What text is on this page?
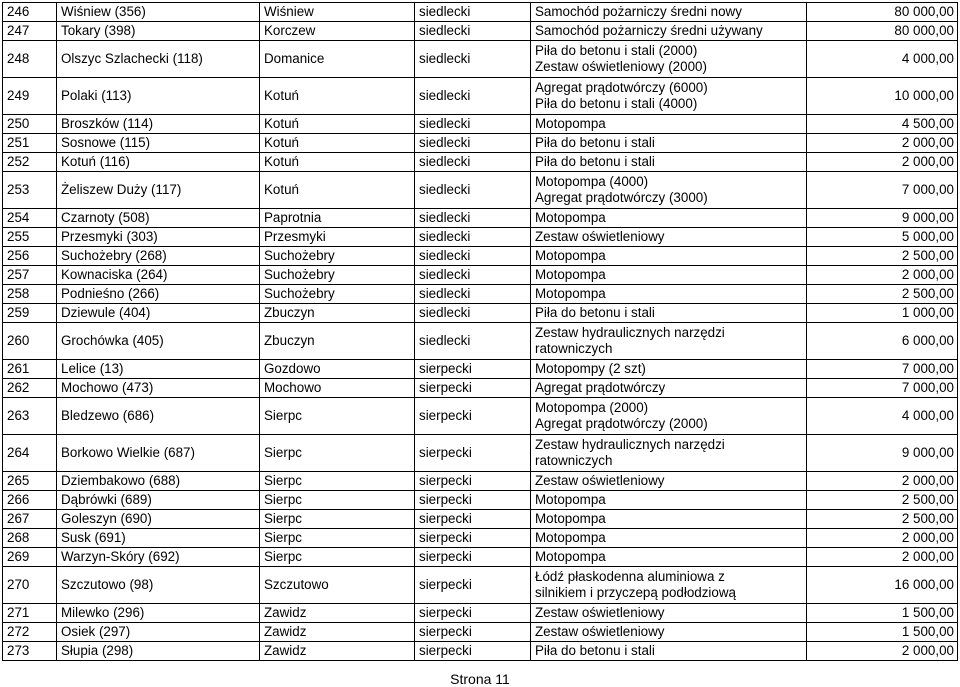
246	Wiśniew (356)	Wiśniew	siedlecki	Samochód pożarniczy średni nowy	80 000,00
247	Tokary (398)	Korczew	siedlecki	Samochód pożarniczy średni używany	80 000,00
248	Olszyc Szlachecki (118)	Domanice	siedlecki	Piła do betonu i stali (2000)
Zestaw oświetleniowy (2000)	4 000,00
249	Polaki (113)	Kotuń	siedlecki	Agregat prądotwórczy (6000)
Piła do betonu i stali (4000)	10 000,00
250	Broszków (114)	Kotuń	siedlecki	Motopompa	4 500,00
251	Sosnowe (115)	Kotuń	siedlecki	Piła do betonu i stali	2 000,00
252	Kotuń (116)	Kotuń	siedlecki	Piła do betonu i stali	2 000,00
253	Żeliszew Duży (117)	Kotuń	siedlecki	Motopompa (4000)
Agregat prądotwórczy (3000)	7 000,00
254	Czarnoty (508)	Paprotnia	siedlecki	Motopompa	9 000,00
255	Przesmyki (303)	Przesmyki	siedlecki	Zestaw oświetleniowy	5 000,00
256	Suchożebry (268)	Suchożebry	siedlecki	Motopompa	2 500,00
257	Kownaciska (264)	Suchożebry	siedlecki	Motopompa	2 000,00
258	Podnieśno (266)	Suchożebry	siedlecki	Motopompa	2 500,00
259	Dziewule (404)	Zbuczyn	siedlecki	Piła do betonu i stali	1 000,00
260	Grochówka (405)	Zbuczyn	siedlecki	Zestaw hydraulicznych narzędzi
ratowniczych	6 000,00
261	Lelice (13)	Gozdowo	sierpecki	Motopompy (2 szt)	7 000,00
262	Mochowo (473)	Mochowo	sierpecki	Agregat prądotwórczy	7 000,00
263	Bledzewo (686)	Sierpc	sierpecki	Motopompa (2000)
Agregat prądotwórczy (2000)	4 000,00
264	Borkowo Wielkie (687)	Sierpc	sierpecki	Zestaw hydraulicznych narzędzi
ratowniczych	9 000,00
265	Dziembakowo (688)	Sierpc	sierpecki	Zestaw oświetleniowy	2 000,00
266	Dąbrówki (689)	Sierpc	sierpecki	Motopompa	2 500,00
267	Goleszyn (690)	Sierpc	sierpecki	Motopompa	2 500,00
268	Susk (691)	Sierpc	sierpecki	Motopompa	2 000,00
269	Warzyn-Skóry (692)	Sierpc	sierpecki	Motopompa	2 000,00
270	Szczutowo (98)	Szczutowo	sierpecki	Łódź płaskodenna aluminiowa z
silnikiem i przyczepą podłodziową	16 000,00
271	Milewko (296)	Zawidz	sierpecki	Zestaw oświetleniowy	1 500,00
272	Osiek (297)	Zawidz	sierpecki	Zestaw oświetleniowy	1 500,00
273	Słupia (298)	Zawidz	sierpecki	Piła do betonu i stali	2 000,00
Strona 11
